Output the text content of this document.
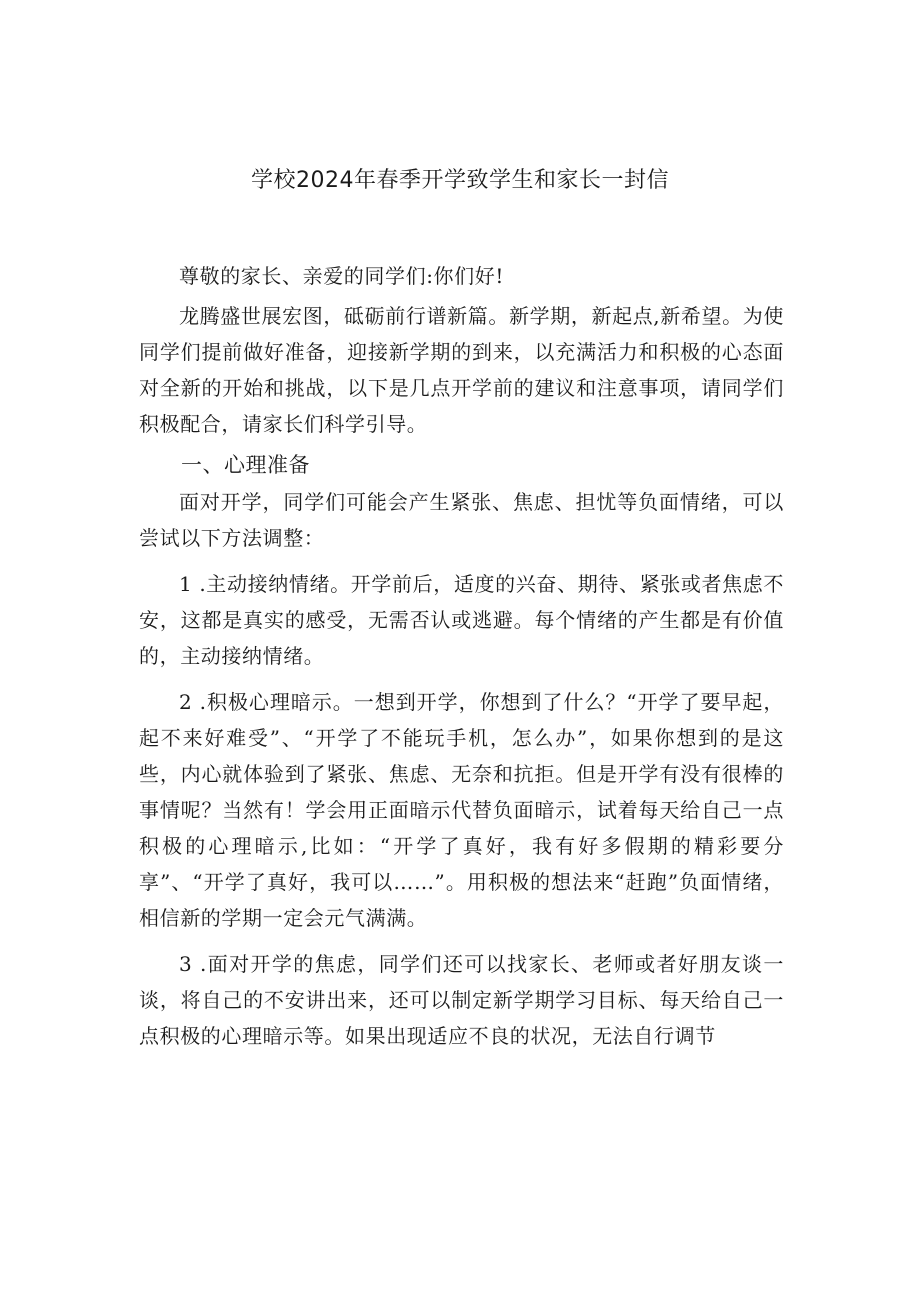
学校2024年春季开学致学生和家长一封信

尊敬的家长、亲爱的同学们:你们好!

龙腾盛世展宏图，砥砺前行谱新篇。新学期，新起点,新希望。为使同学们提前做好准备，迎接新学期的到来，以充满活力和积极的心态面对全新的开始和挑战，以下是几点开学前的建议和注意事项，请同学们积极配合，请家长们科学引导。

一、心理准备

面对开学，同学们可能会产生紧张、焦虑、担忧等负面情绪，可以尝试以下方法调整：

1 .主动接纳情绪。开学前后，适度的兴奋、期待、紧张或者焦虑不安，这都是真实的感受，无需否认或逃避。每个情绪的产生都是有价值的，主动接纳情绪。

2 .积极心理暗示。一想到开学，你想到了什么？“开学了要早起，起不来好难受”、“开学了不能玩手机，怎么办”，如果你想到的是这些，内心就体验到了紧张、焦虑、无奈和抗拒。但是开学有没有很棒的事情呢？当然有！学会用正面暗示代替负面暗示，试着每天给自己一点积极的心理暗示,比如：“开学了真好，我有好多假期的精彩要分享”、“开学了真好，我可以……”。用积极的想法来“赶跑”负面情绪，相信新的学期一定会元气满满。

3 .面对开学的焦虑，同学们还可以找家长、老师或者好朋友谈一谈，将自己的不安讲出来，还可以制定新学期学习目标、每天给自己一点积极的心理暗示等。如果出现适应不良的状况，无法自行调节
